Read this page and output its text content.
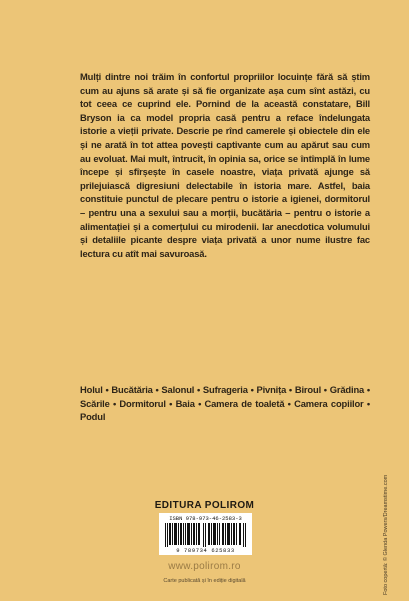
Mulți dintre noi trăim în confortul propriilor locuințe fără să știm cum au ajuns să arate și să fie organizate așa cum sînt astăzi, cu tot ceea ce cuprind ele. Pornind de la această constatare, Bill Bryson ia ca model propria casă pentru a reface îndelungata istorie a vieții private. Descrie pe rînd camerele și obiectele din ele și ne arată în tot attea povești captivante cum au apărut sau cum au evoluat. Mai mult, întrucît, în opinia sa, orice se întîmplă în lume începe și sfîrșește în casele noastre, viața privată ajunge să prilejuiască digresiuni delectabile în istoria mare. Astfel, baia constituie punctul de plecare pentru o istorie a igienei, dormitorul – pentru una a sexului sau a morții, bucătăria – pentru o istorie a alimentației și a comerțului cu mirodenii. Iar anecdotica volumului și detaliile picante despre viața privată a unor nume ilustre fac lectura cu atît mai savuroasă.

Holul • Bucătăria • Salonul • Sufrageria • Pivnița • Biroul • Grădina • Scările • Dormitorul • Baia • Camera de toaletă • Camera copiilor • Podul

Foto copertă: © Glenda Powers/Dreamstime.com
EDITURA POLIROM
ISBN 978-973-46-2583-3
9 789734 625833
www.polirom.ro
Carte publicată și în ediție digitală
